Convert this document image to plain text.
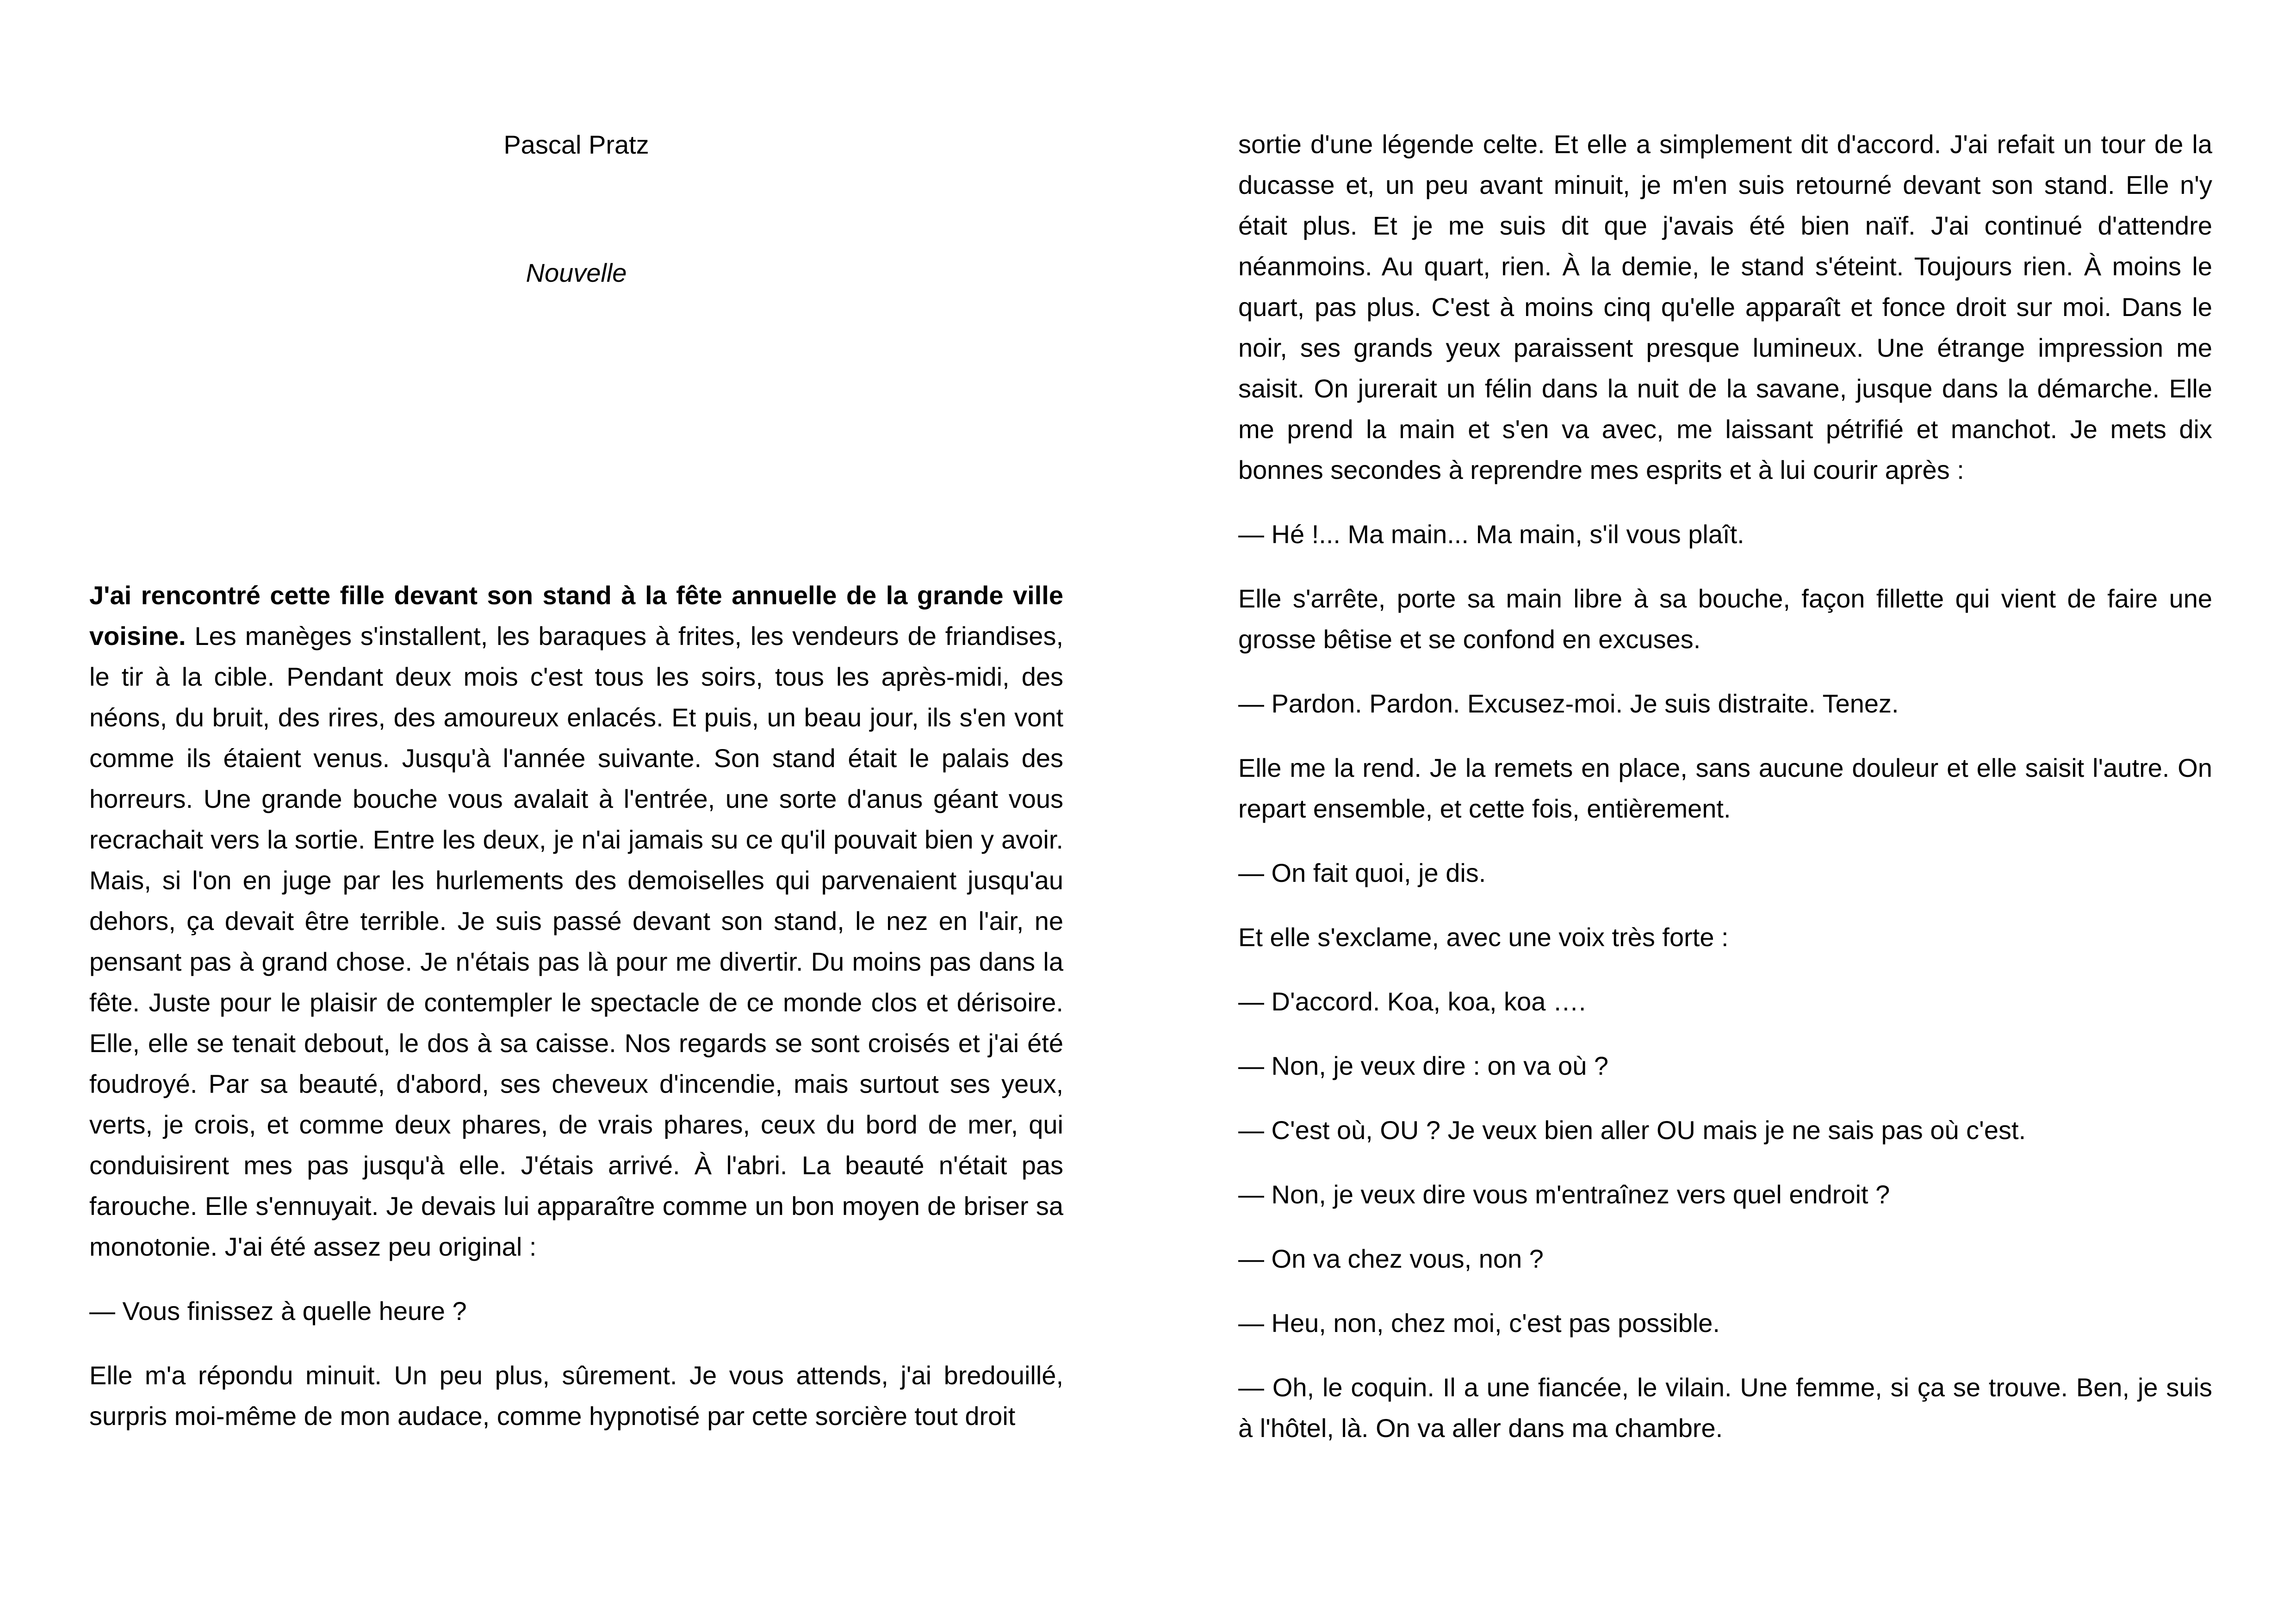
Pascal Pratz

Nouvelle

J'ai rencontré cette fille devant son stand à la fête annuelle de la grande ville voisine. Les manèges s'installent, les baraques à frites, les vendeurs de friandises, le tir à la cible. Pendant deux mois c'est tous les soirs, tous les après-midi, des néons, du bruit, des rires, des amoureux enlacés. Et puis, un beau jour, ils s'en vont comme ils étaient venus. Jusqu'à l'année suivante. Son stand était le palais des horreurs. Une grande bouche vous avalait à l'entrée, une sorte d'anus géant vous recrachait vers la sortie. Entre les deux, je n'ai jamais su ce qu'il pouvait bien y avoir. Mais, si l'on en juge par les hurlements des demoiselles qui parvenaient jusqu'au dehors, ça devait être terrible. Je suis passé devant son stand, le nez en l'air, ne pensant pas à grand chose. Je n'étais pas là pour me divertir. Du moins pas dans la fête. Juste pour le plaisir de contempler le spectacle de ce monde clos et dérisoire. Elle, elle se tenait debout, le dos à sa caisse. Nos regards se sont croisés et j'ai été foudroyé. Par sa beauté, d'abord, ses cheveux d'incendie, mais surtout ses yeux, verts, je crois, et comme deux phares, de vrais phares, ceux du bord de mer, qui conduisirent mes pas jusqu'à elle. J'étais arrivé. À l'abri. La beauté n'était pas farouche. Elle s'ennuyait. Je devais lui apparaître comme un bon moyen de briser sa monotonie. J'ai été assez peu original :

— Vous finissez à quelle heure ?

Elle m'a répondu minuit. Un peu plus, sûrement. Je vous attends, j'ai bredouillé, surpris moi-même de mon audace, comme hypnotisé par cette sorcière tout droit

sortie d'une légende celte. Et elle a simplement dit d'accord. J'ai refait un tour de la ducasse et, un peu avant minuit, je m'en suis retourné devant son stand. Elle n'y était plus. Et je me suis dit que j'avais été bien naïf. J'ai continué d'attendre néanmoins. Au quart, rien. À la demie, le stand s'éteint. Toujours rien. À moins le quart, pas plus. C'est à moins cinq qu'elle apparaît et fonce droit sur moi. Dans le noir, ses grands yeux paraissent presque lumineux. Une étrange impression me saisit. On jurerait un félin dans la nuit de la savane, jusque dans la démarche. Elle me prend la main et s'en va avec, me laissant pétrifié et manchot. Je mets dix bonnes secondes à reprendre mes esprits et à lui courir après :

— Hé !... Ma main... Ma main, s'il vous plaît.

Elle s'arrête, porte sa main libre à sa bouche, façon fillette qui vient de faire une grosse bêtise et se confond en excuses.

— Pardon. Pardon. Excusez-moi. Je suis distraite. Tenez.

Elle me la rend. Je la remets en place, sans aucune douleur et elle saisit l'autre. On repart ensemble, et cette fois, entièrement.

— On fait quoi, je dis.

Et elle s'exclame, avec une voix très forte :

— D'accord. Koa, koa, koa ….

— Non, je veux dire : on va où ?

— C'est où, OU ? Je veux bien aller OU mais je ne sais pas où c'est.

— Non, je veux dire vous m'entraînez vers quel endroit ?

— On va chez vous, non ?

— Heu, non, chez moi, c'est pas possible.

— Oh, le coquin. Il a une fiancée, le vilain. Une femme, si ça se trouve. Ben, je suis à l'hôtel, là. On va aller dans ma chambre.
